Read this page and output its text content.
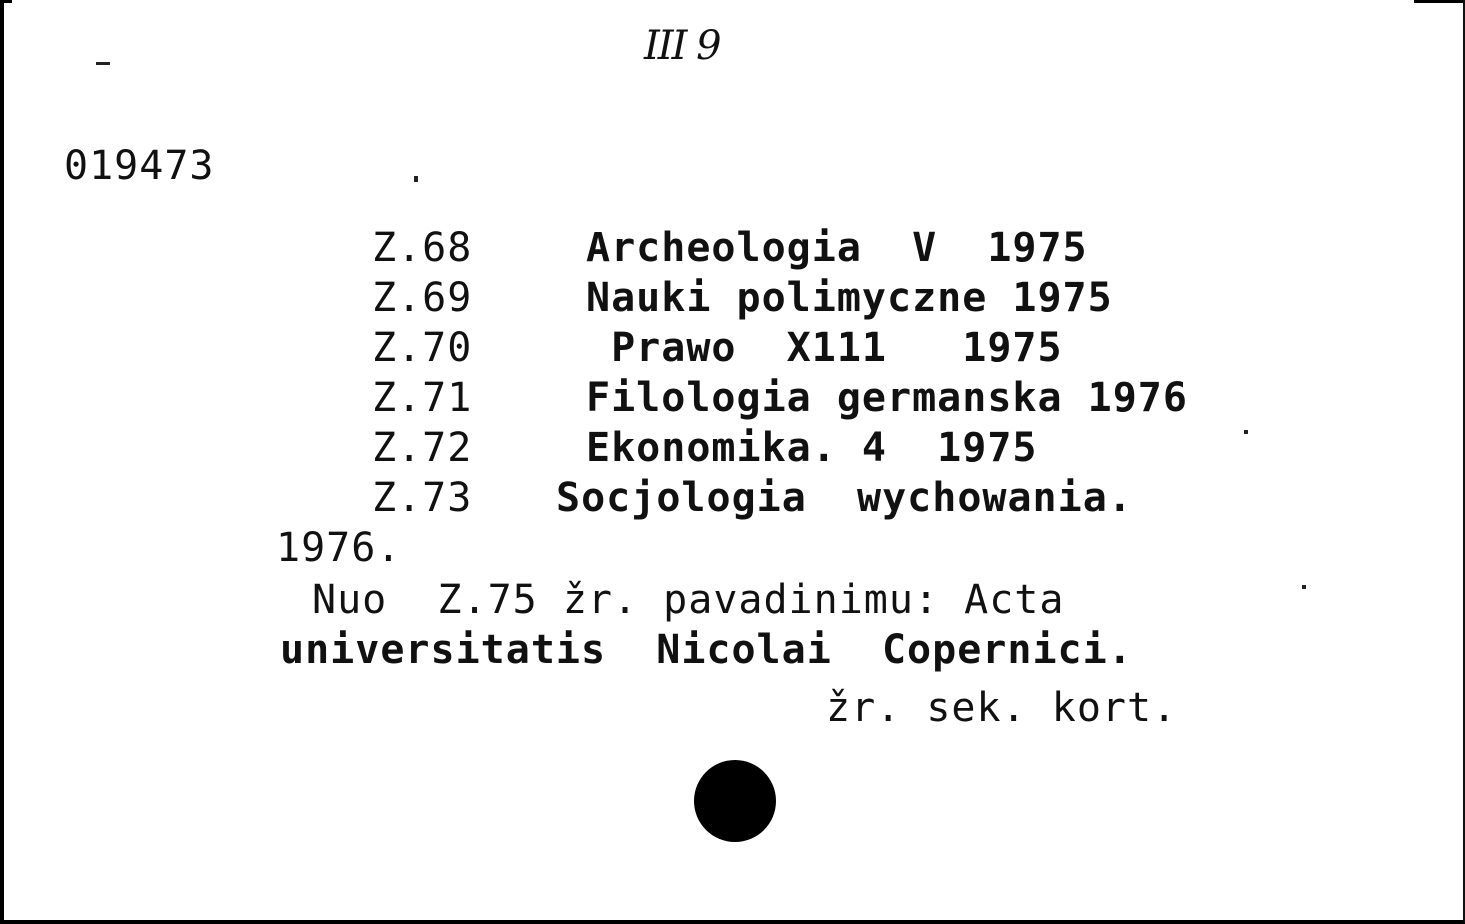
III 9
019473
Z.68	Archeologia  V  1975
Z.69	Nauki polimyczne 1975
Z.70	Prawo  X111   1975
Z.71	Filologia germanska 1976
Z.72	Ekonomika. 4  1975
Z.73 Socjologia  wychowania.
1976.
Nuo  Z.75 žr. pavadinimu: Acta
universitatis  Nicolai  Copernici.
žr. sek. kort.
